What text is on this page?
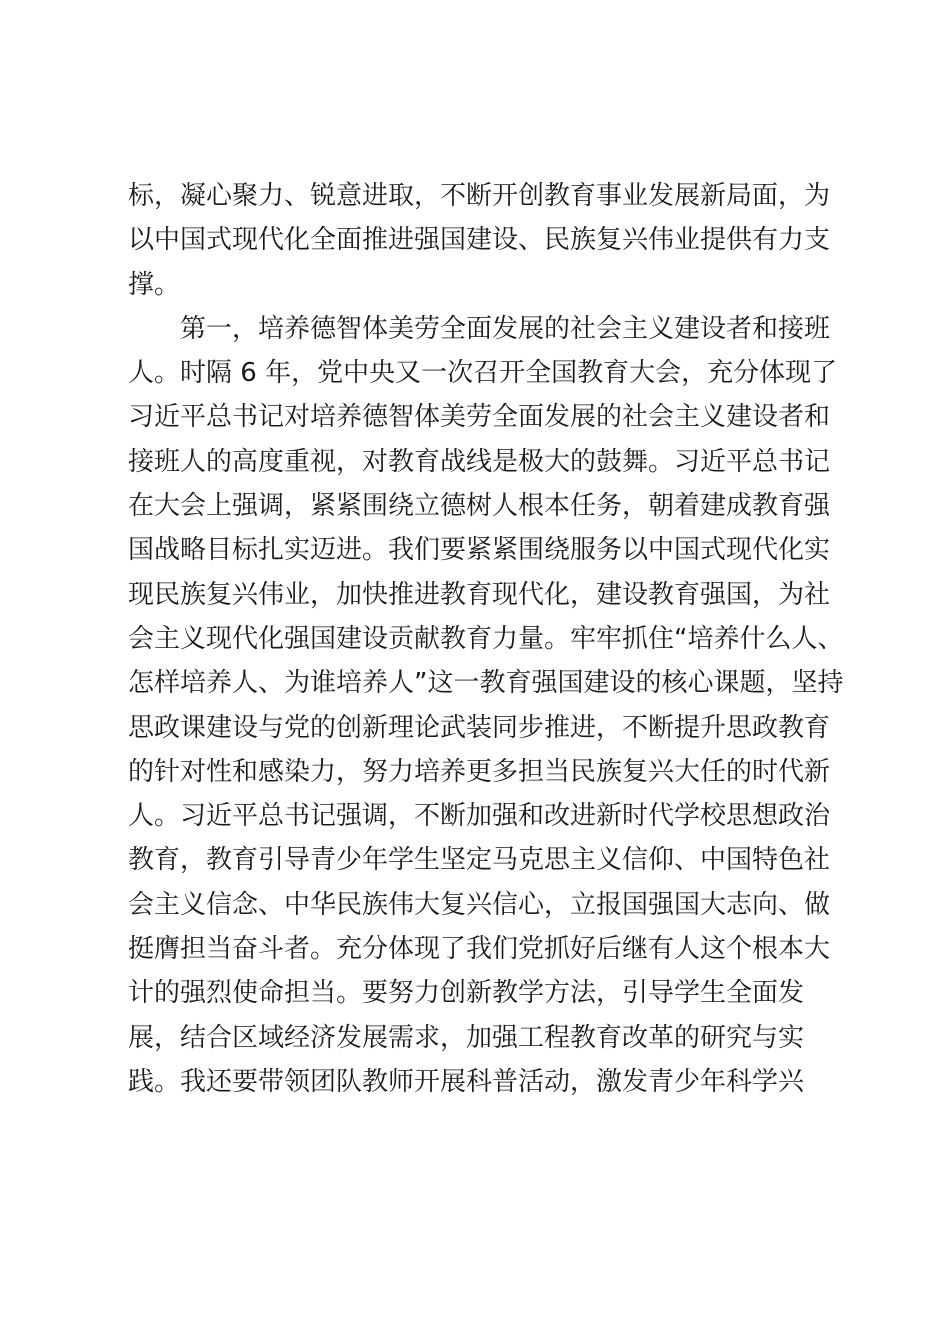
标，凝心聚力、锐意进取，不断开创教育事业发展新局面，为
以中国式现代化全面推进强国建设、民族复兴伟业提供有力支
撑。
　　第一，培养德智体美劳全面发展的社会主义建设者和接班
人。时隔 6 年，党中央又一次召开全国教育大会，充分体现了
习近平总书记对培养德智体美劳全面发展的社会主义建设者和
接班人的高度重视，对教育战线是极大的鼓舞。习近平总书记
在大会上强调，紧紧围绕立德树人根本任务，朝着建成教育强
国战略目标扎实迈进。我们要紧紧围绕服务以中国式现代化实
现民族复兴伟业，加快推进教育现代化，建设教育强国，为社
会主义现代化强国建设贡献教育力量。牢牢抓住“培养什么人、
怎样培养人、为谁培养人”这一教育强国建设的核心课题，坚持
思政课建设与党的创新理论武装同步推进，不断提升思政教育
的针对性和感染力，努力培养更多担当民族复兴大任的时代新
人。习近平总书记强调，不断加强和改进新时代学校思想政治
教育，教育引导青少年学生坚定马克思主义信仰、中国特色社
会主义信念、中华民族伟大复兴信心，立报国强国大志向、做
挺膺担当奋斗者。充分体现了我们党抓好后继有人这个根本大
计的强烈使命担当。要努力创新教学方法，引导学生全面发
展，结合区域经济发展需求，加强工程教育改革的研究与实
践。我还要带领团队教师开展科普活动，激发青少年科学兴
